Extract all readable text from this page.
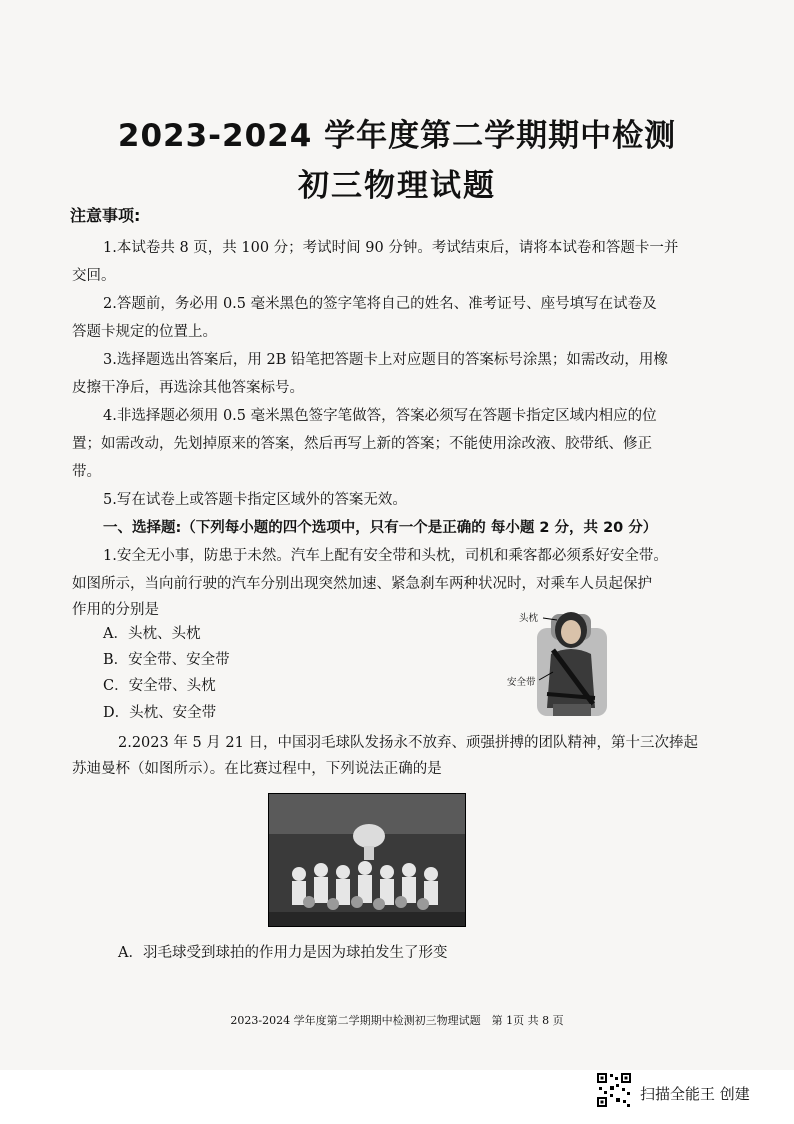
2023-2024 学年度第二学期期中检测
初三物理试题
注意事项:
1.本试卷共 8 页，共 100 分；考试时间 90 分钟。考试结束后，请将本试卷和答题卡一并
交回。
2.答题前，务必用 0.5 毫米黑色的签字笔将自己的姓名、准考证号、座号填写在试卷及
答题卡规定的位置上。
3.选择题选出答案后，用 2B 铅笔把答题卡上对应题目的答案标号涂黑；如需改动，用橡
皮擦干净后，再选涂其他答案标号。
4.非选择题必须用 0.5 毫米黑色签字笔做答，答案必须写在答题卡指定区域内相应的位
置；如需改动，先划掉原来的答案，然后再写上新的答案；不能使用涂改液、胶带纸、修正
带。
5.写在试卷上或答题卡指定区域外的答案无效。
一、选择题:（下列每小题的四个选项中，只有一个是正确的 每小题 2 分，共 20 分）
1.安全无小事，防患于未然。汽车上配有安全带和头枕，司机和乘客都必须系好安全带。
如图所示，当向前行驶的汽车分别出现突然加速、紧急刹车两种状况时，对乘车人员起保护
作用的分别是
A．头枕、头枕
B．安全带、安全带
C．安全带、头枕
D．头枕、安全带
头枕
安全带
2.2023 年 5 月 21 日，中国羽毛球队发扬永不放弃、顽强拼搏的团队精神，第十三次捧起
苏迪曼杯（如图所示）。在比赛过程中，下列说法正确的是
A．羽毛球受到球拍的作用力是因为球拍发生了形变
2023-2024 学年度第二学期期中检测初三物理试题　第 1页 共 8 页
扫描全能王 创建
